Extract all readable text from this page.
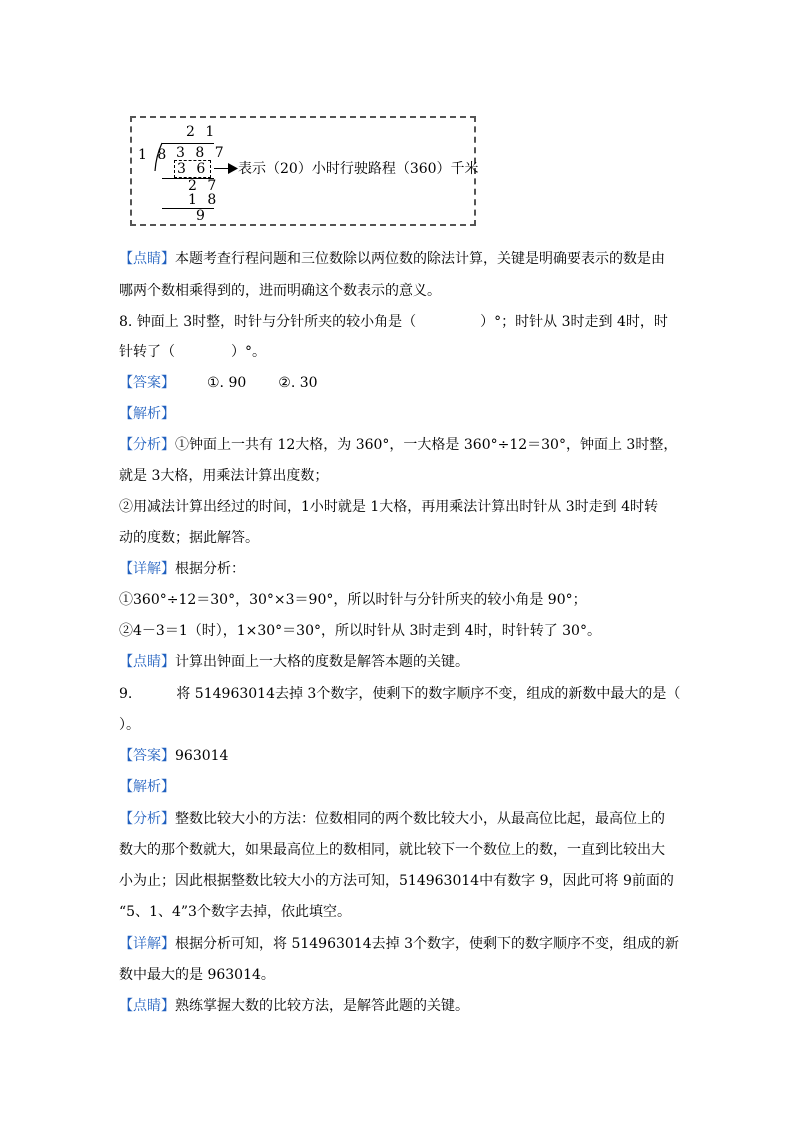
2 1
1 8 3 8 7
3 6 表示（20）小时行驶路程（360）千米
2 7
1 8
9
【点睛】本题考查行程问题和三位数除以两位数的除法计算，关键是明确要表示的数是由
哪两个数相乘得到的，进而明确这个数表示的意义。
8. 钟面上 3时整，时针与分针所夹的较小角是（	）°；时针从 3时走到 4时，时
针转了（	）°。
【答案】 ①. 90 ②. 30
【解析】
【分析】①钟面上一共有 12大格，为 360°，一大格是 360°÷12＝30°，钟面上 3时整，
就是 3大格，用乘法计算出度数；
②用减法计算出经过的时间，1小时就是 1大格，再用乘法计算出时针从 3时走到 4时转
动的度数；据此解答。
【详解】根据分析：
①360°÷12＝30°，30°×3＝90°，所以时针与分针所夹的较小角是 90°；
②4－3＝1（时），1×30°＝30°，所以时针从 3时走到 4时，时针转了 30°。
【点睛】计算出钟面上一大格的度数是解答本题的关键。
9.	将 514963014去掉 3个数字，使剩下的数字顺序不变，组成的新数中最大的是（
）。
【答案】963014
【解析】
【分析】整数比较大小的方法：位数相同的两个数比较大小，从最高位比起，最高位上的
数大的那个数就大，如果最高位上的数相同，就比较下一个数位上的数，一直到比较出大
小为止；因此根据整数比较大小的方法可知，514963014中有数字 9，因此可将 9前面的
“5、1、4”3个数字去掉，依此填空。
【详解】根据分析可知，将 514963014去掉 3个数字，使剩下的数字顺序不变，组成的新
数中最大的是 963014。
【点睛】熟练掌握大数的比较方法，是解答此题的关键。
